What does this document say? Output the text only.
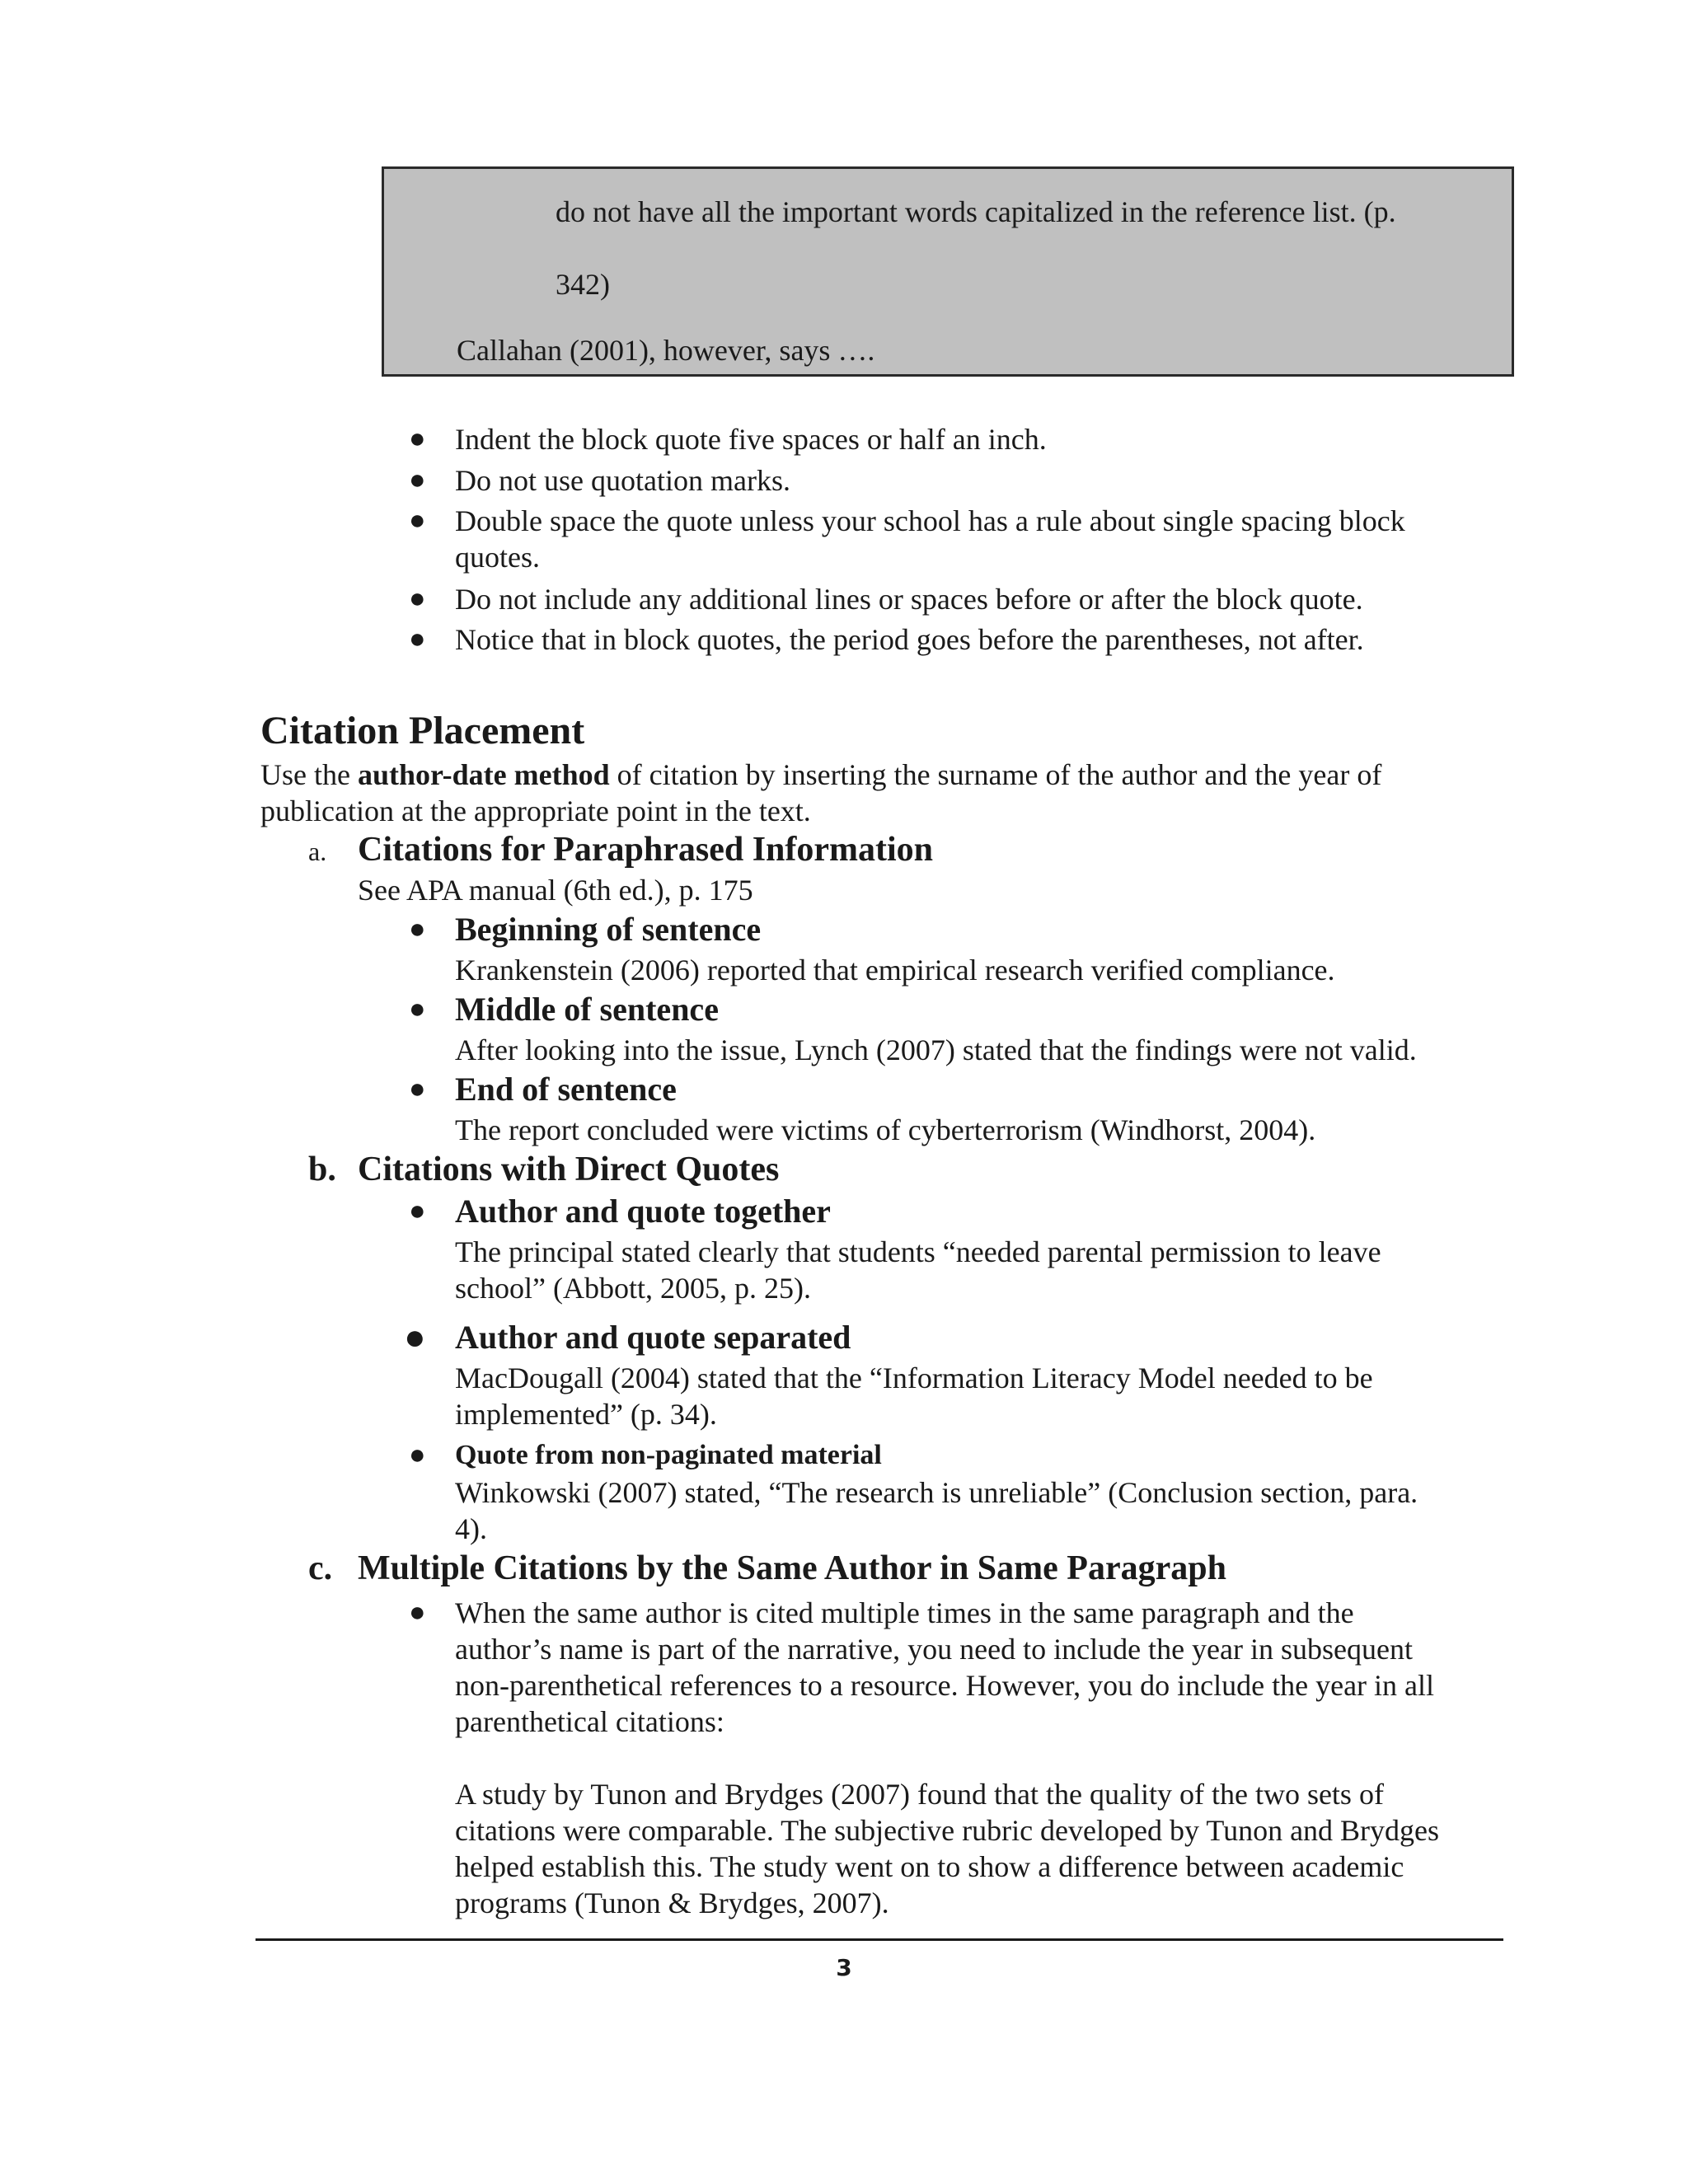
do not have all the important words capitalized in the reference list. (p.
342)
Callahan (2001), however, says ….
● Indent the block quote five spaces or half an inch.
● Do not use quotation marks.
● Double space the quote unless your school has a rule about single spacing block
quotes.
● Do not include any additional lines or spaces before or after the block quote.
● Notice that in block quotes, the period goes before the parentheses, not after.
Citation Placement
Use the author-date method of citation by inserting the surname of the author and the year of
publication at the appropriate point in the text.
a. Citations for Paraphrased Information
See APA manual (6th ed.), p. 175
● Beginning of sentence
Krankenstein (2006) reported that empirical research verified compliance.
● Middle of sentence
After looking into the issue, Lynch (2007) stated that the findings were not valid.
● End of sentence
The report concluded were victims of cyberterrorism (Windhorst, 2004).
b. Citations with Direct Quotes
● Author and quote together
The principal stated clearly that students “needed parental permission to leave
school” (Abbott, 2005, p. 25).
● Author and quote separated
MacDougall (2004) stated that the “Information Literacy Model needed to be
implemented” (p. 34).
● Quote from non-paginated material
Winkowski (2007) stated, “The research is unreliable” (Conclusion section, para.
4).
c. Multiple Citations by the Same Author in Same Paragraph
● When the same author is cited multiple times in the same paragraph and the
author’s name is part of the narrative, you need to include the year in subsequent
non-parenthetical references to a resource. However, you do include the year in all
parenthetical citations:
A study by Tunon and Brydges (2007) found that the quality of the two sets of
citations were comparable. The subjective rubric developed by Tunon and Brydges
helped establish this. The study went on to show a difference between academic
programs (Tunon & Brydges, 2007).
3
